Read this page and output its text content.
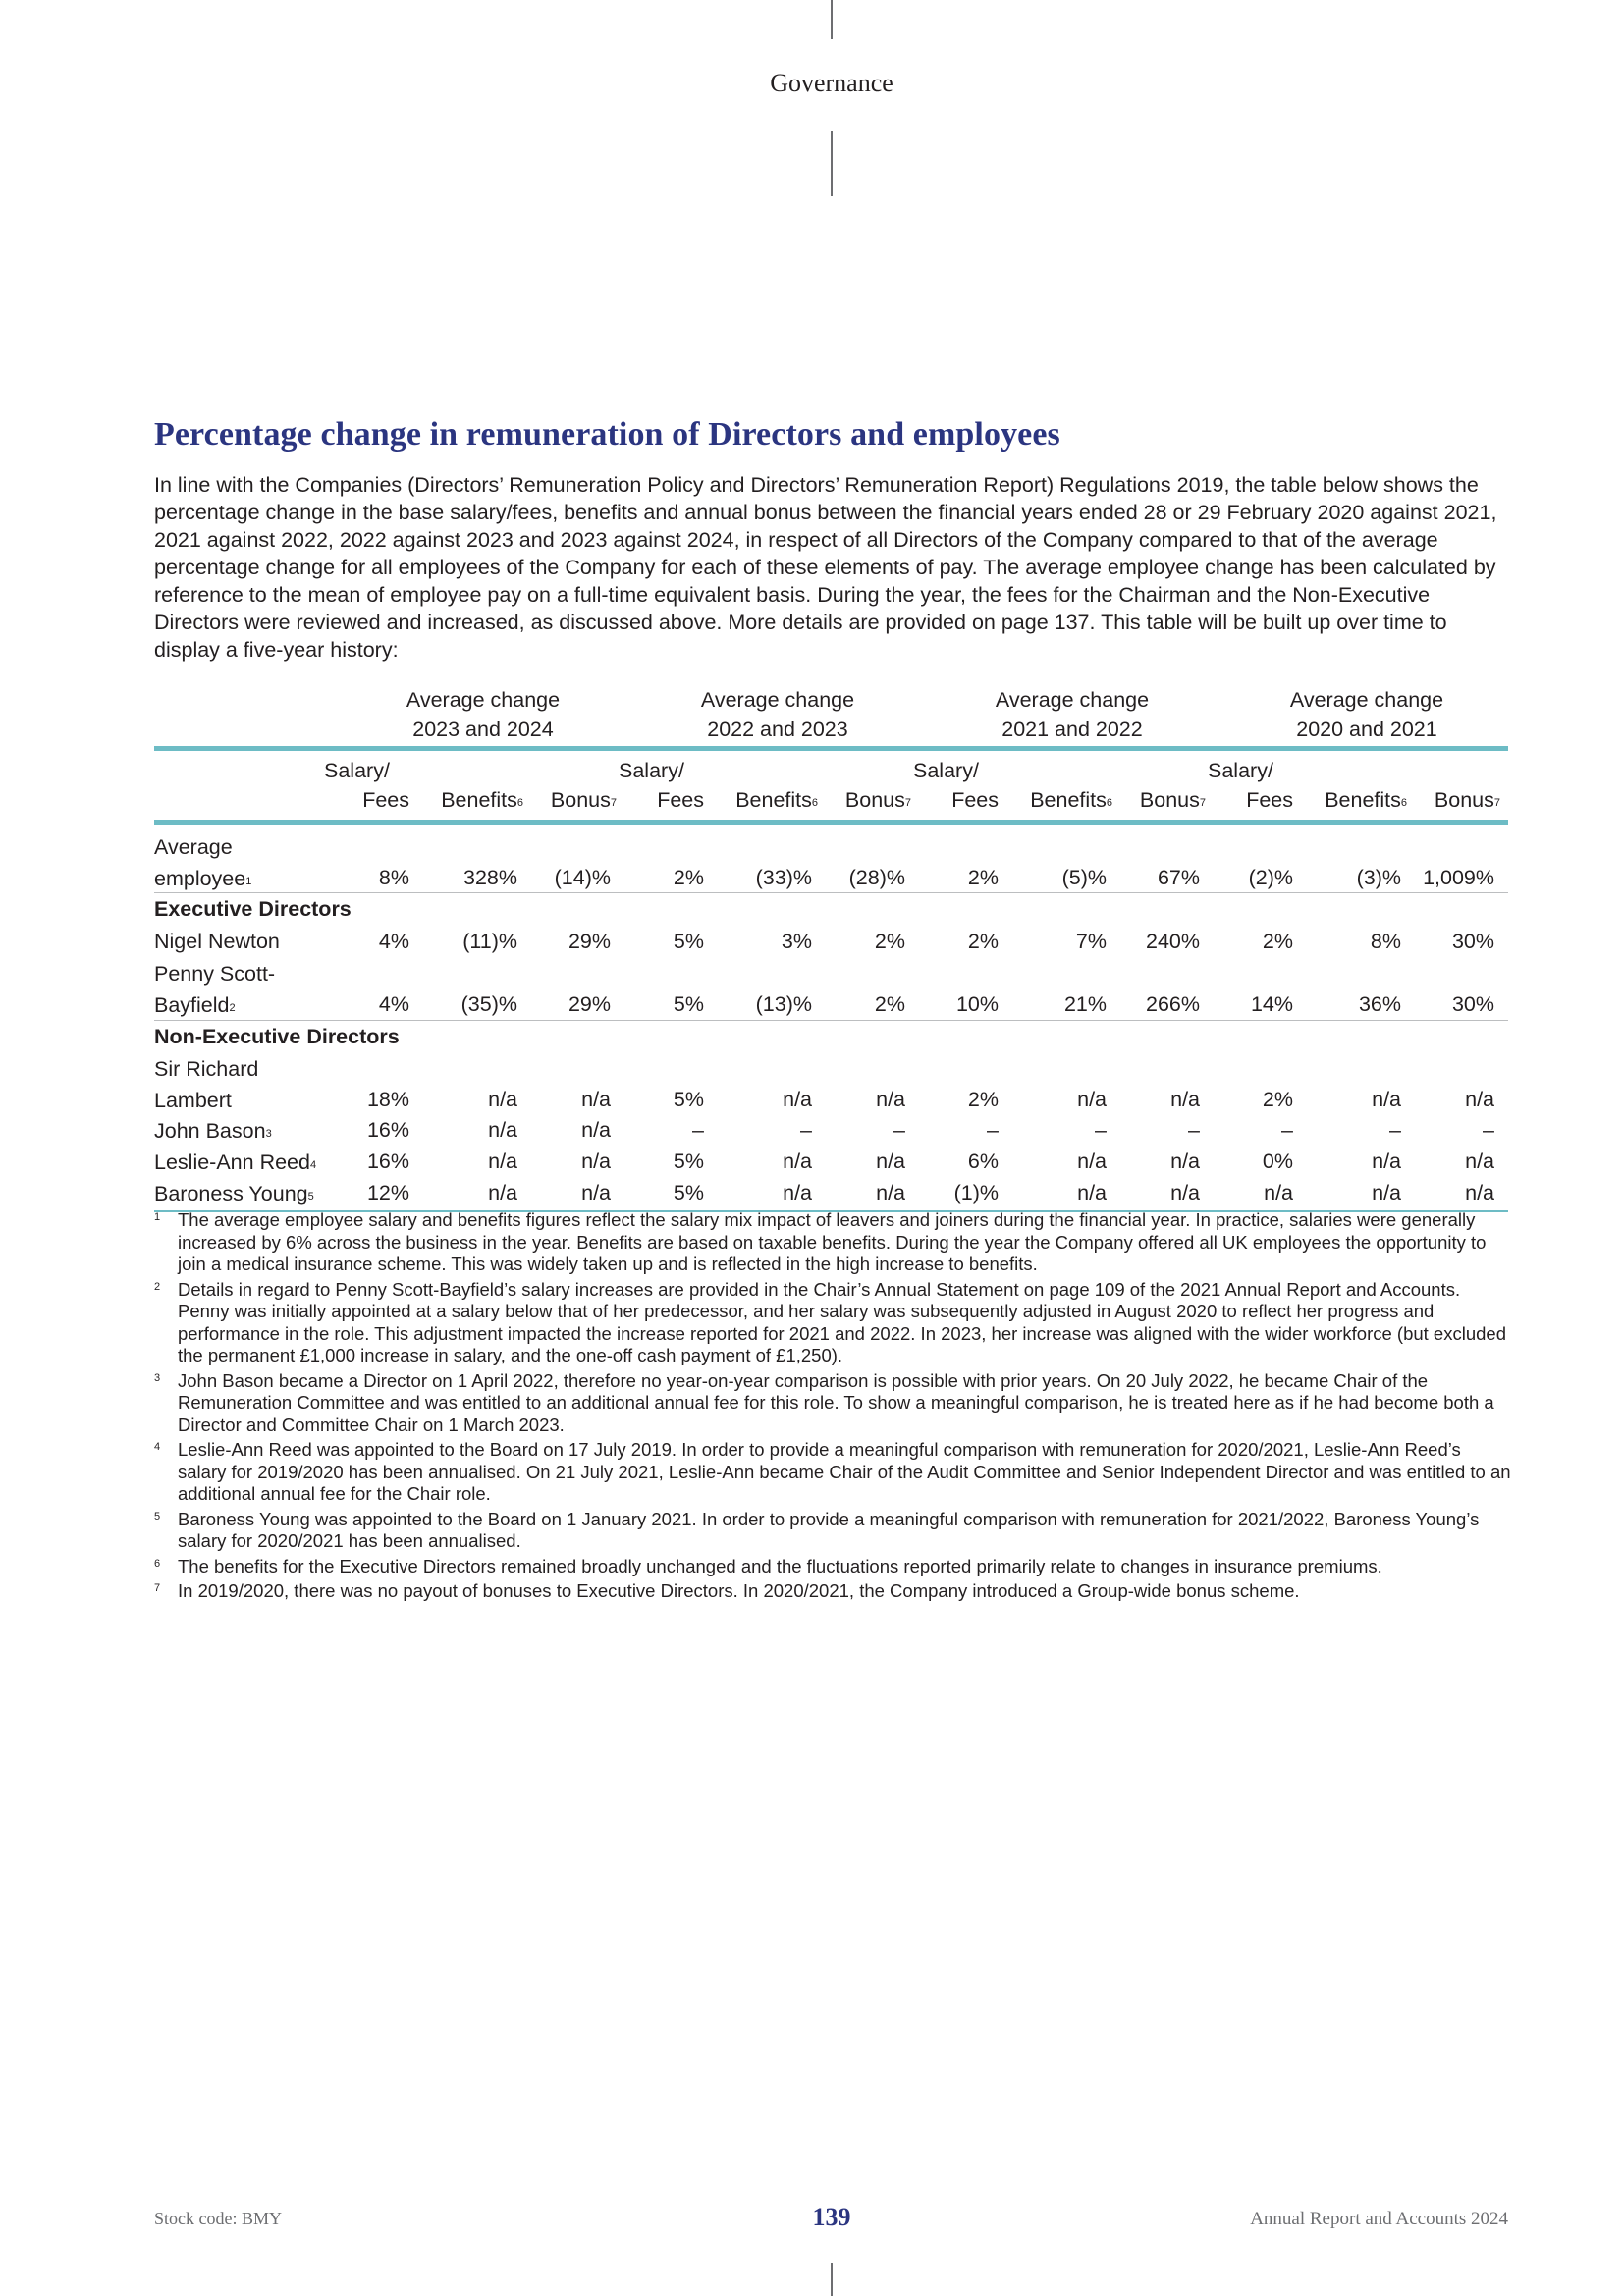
Governance
Percentage change in remuneration of Directors and employees

In line with the Companies (Directors’ Remuneration Policy and Directors’ Remuneration Report) Regulations 2019, the table below shows the percentage change in the base salary/fees, benefits and annual bonus between the financial years ended 28 or 29 February 2020 against 2021, 2021 against 2022, 2022 against 2023 and 2023 against 2024, in respect of all Directors of the Company compared to that of the average percentage change for all employees of the Company for each of these elements of pay. The average employee change has been calculated by reference to the mean of employee pay on a full-time equivalent basis. During the year, the fees for the Chairman and the Non-Executive Directors were reviewed and increased, as discussed above. More details are provided on page 137. This table will be built up over time to display a five-year history:

Average change
2023 and 2024
Average change
2022 and 2023
Average change
2021 and 2022
Average change
2020 and 2021
Salary/
Fees Benefits$^6$ Bonus$^7$
Salary/
Fees Benefits$^6$ Bonus$^7$
Salary/
Fees Benefits$^6$ Bonus$^7$
Salary/
Fees Benefits$^6$ Bonus$^7$
Average
employee$^1$	8%	328% (14)%	2% (33)% (28)%	2%	(5)% 67% (2)%	(3)% 1,009%
Executive Directors
Nigel Newton	4%	(11)% 29%	5%	3%	2%	2%	7% 240%	2%	8% 30%
Penny Scott-
Bayfield$^2$	4% (35)% 29%	5% (13)%	2% 10%	21% 266% 14%	36% 30%
Non-Executive Directors
Sir Richard
Lambert	18%	n/a	n/a	5%	n/a	n/a	2%	n/a	n/a	2%	n/a	n/a
John Bason$^3$	16%	n/a	n/a	–	–	–	–	–	–	–	–	–
Leslie-Ann Reed$^4$ 16%	n/a	n/a	5%	n/a	n/a	6%	n/a	n/a	0%	n/a	n/a
Baroness Young$^5$	12%	n/a	n/a	5%	n/a	n/a (1)%	n/a	n/a	n/a	n/a	n/a
1 The average employee salary and benefits figures reflect the salary mix impact of leavers and joiners during the financial year. In practice, salaries were generally increased by 6% across the business in the year. Benefits are based on taxable benefits. During the year the Company offered all UK employees the opportunity to join a medical insurance scheme. This was widely taken up and is reflected in the high increase to benefits.
2 Details in regard to Penny Scott-Bayfield’s salary increases are provided in the Chair’s Annual Statement on page 109 of the 2021 Annual Report and Accounts. Penny was initially appointed at a salary below that of her predecessor, and her salary was subsequently adjusted in August 2020 to reflect her progress and performance in the role. This adjustment impacted the increase reported for 2021 and 2022. In 2023, her increase was aligned with the wider workforce (but excluded the permanent £1,000 increase in salary, and the one-off cash payment of £1,250).
3 John Bason became a Director on 1 April 2022, therefore no year-on-year comparison is possible with prior years. On 20 July 2022, he became Chair of the Remuneration Committee and was entitled to an additional annual fee for this role. To show a meaningful comparison, he is treated here as if he had become both a Director and Committee Chair on 1 March 2023.
4 Leslie-Ann Reed was appointed to the Board on 17 July 2019. In order to provide a meaningful comparison with remuneration for 2020/2021, Leslie-Ann Reed’s salary for 2019/2020 has been annualised. On 21 July 2021, Leslie-Ann became Chair of the Audit Committee and Senior Independent Director and was entitled to an additional annual fee for the Chair role.
5 Baroness Young was appointed to the Board on 1 January 2021. In order to provide a meaningful comparison with remuneration for 2021/2022, Baroness Young’s salary for 2020/2021 has been annualised.
6 The benefits for the Executive Directors remained broadly unchanged and the fluctuations reported primarily relate to changes in insurance premiums.
7 In 2019/2020, there was no payout of bonuses to Executive Directors. In 2020/2021, the Company introduced a Group-wide bonus scheme.
Stock code: BMY	139	Annual Report and Accounts 2024
